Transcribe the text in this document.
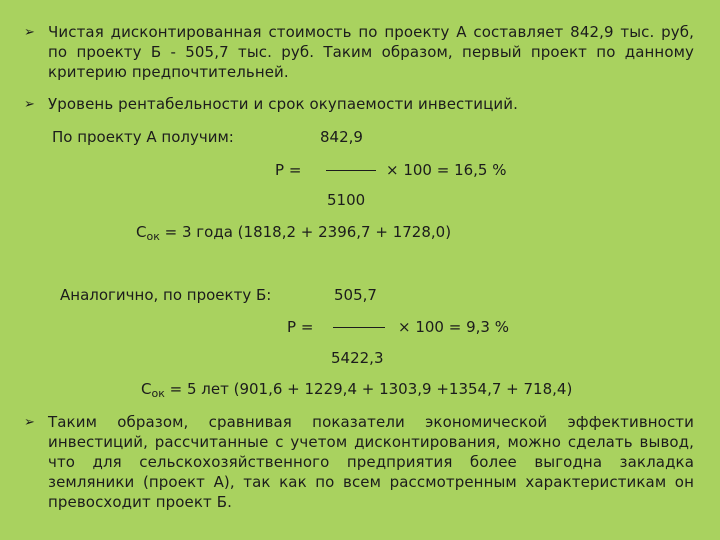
➢ Чистая дисконтированная стоимость по проекту А составляет 842,9 тыс. руб, по проекту Б - 505,7 тыс. руб. Таким образом, первый проект по данному критерию предпочтительней.
➢ Уровень рентабельности и срок окупаемости инвестиций.
По проекту А получим:	842,9
Р =	× 100 = 16,5 %
5100
$С_{ок} = 3$ года (1818,2 + 2396,7 + 1728,0)
Аналогично, по проекту Б:	505,7
Р =	× 100 = 9,3 %
5422,3
$С_{ок} = 5$ лет (901,6 + 1229,4 + 1303,9 +1354,7 + 718,4)
➢ Таким образом, сравнивая показатели экономической эффективности инвестиций, рассчитанные с учетом дисконтирования, можно сделать вывод, что для сельскохозяйственного предприятия более выгодна закладка земляники (проект А), так как по всем рассмотренным характеристикам он превосходит проект Б.
